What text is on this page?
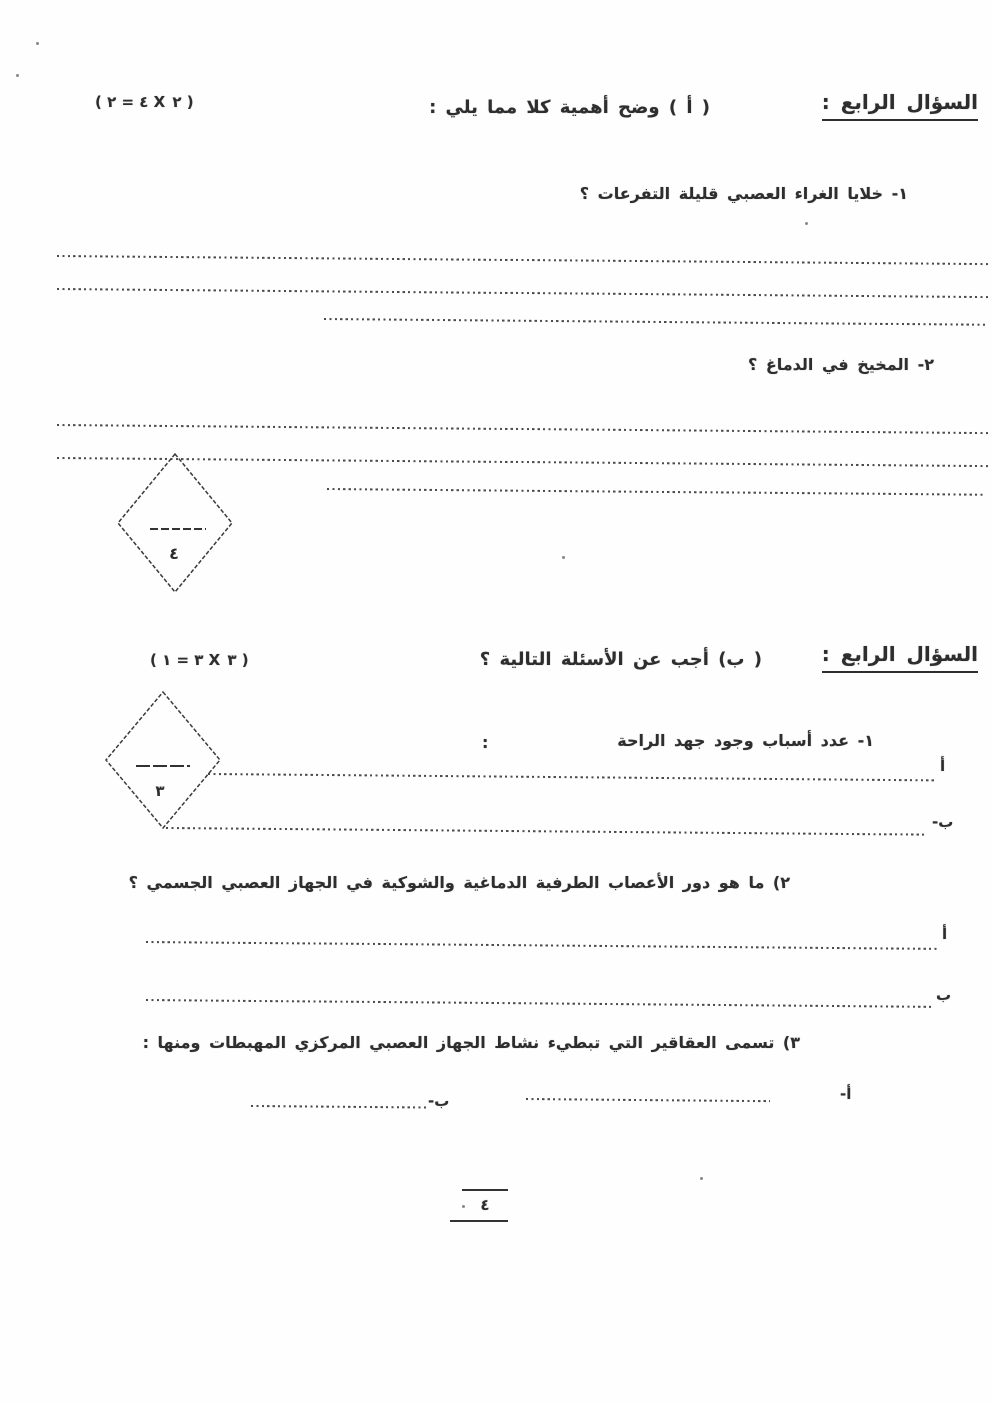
السؤال الرابع :
( أ ) وضح أهمية كلا مما يلي :
( ٤ = ٢ X ٢ )
١- خلايا الغراء العصبي قليلة التفرعات ؟
٢- المخيخ في الدماغ ؟
٤
السؤال الرابع :
( ب) أجب عن الأسئلة التالية ؟
( ٣ = ١ X ٣ )
٣
١- عدد أسباب وجود جهد الراحة
:
أ
ب-
٢) ما هو دور الأعصاب الطرفية الدماغية والشوكية في الجهاز العصبي الجسمي ؟
أ
ب
٣) تسمى العقاقير التي تبطيء نشاط الجهاز العصبي المركزي المهبطات ومنها :
أ-
ب-
٤
